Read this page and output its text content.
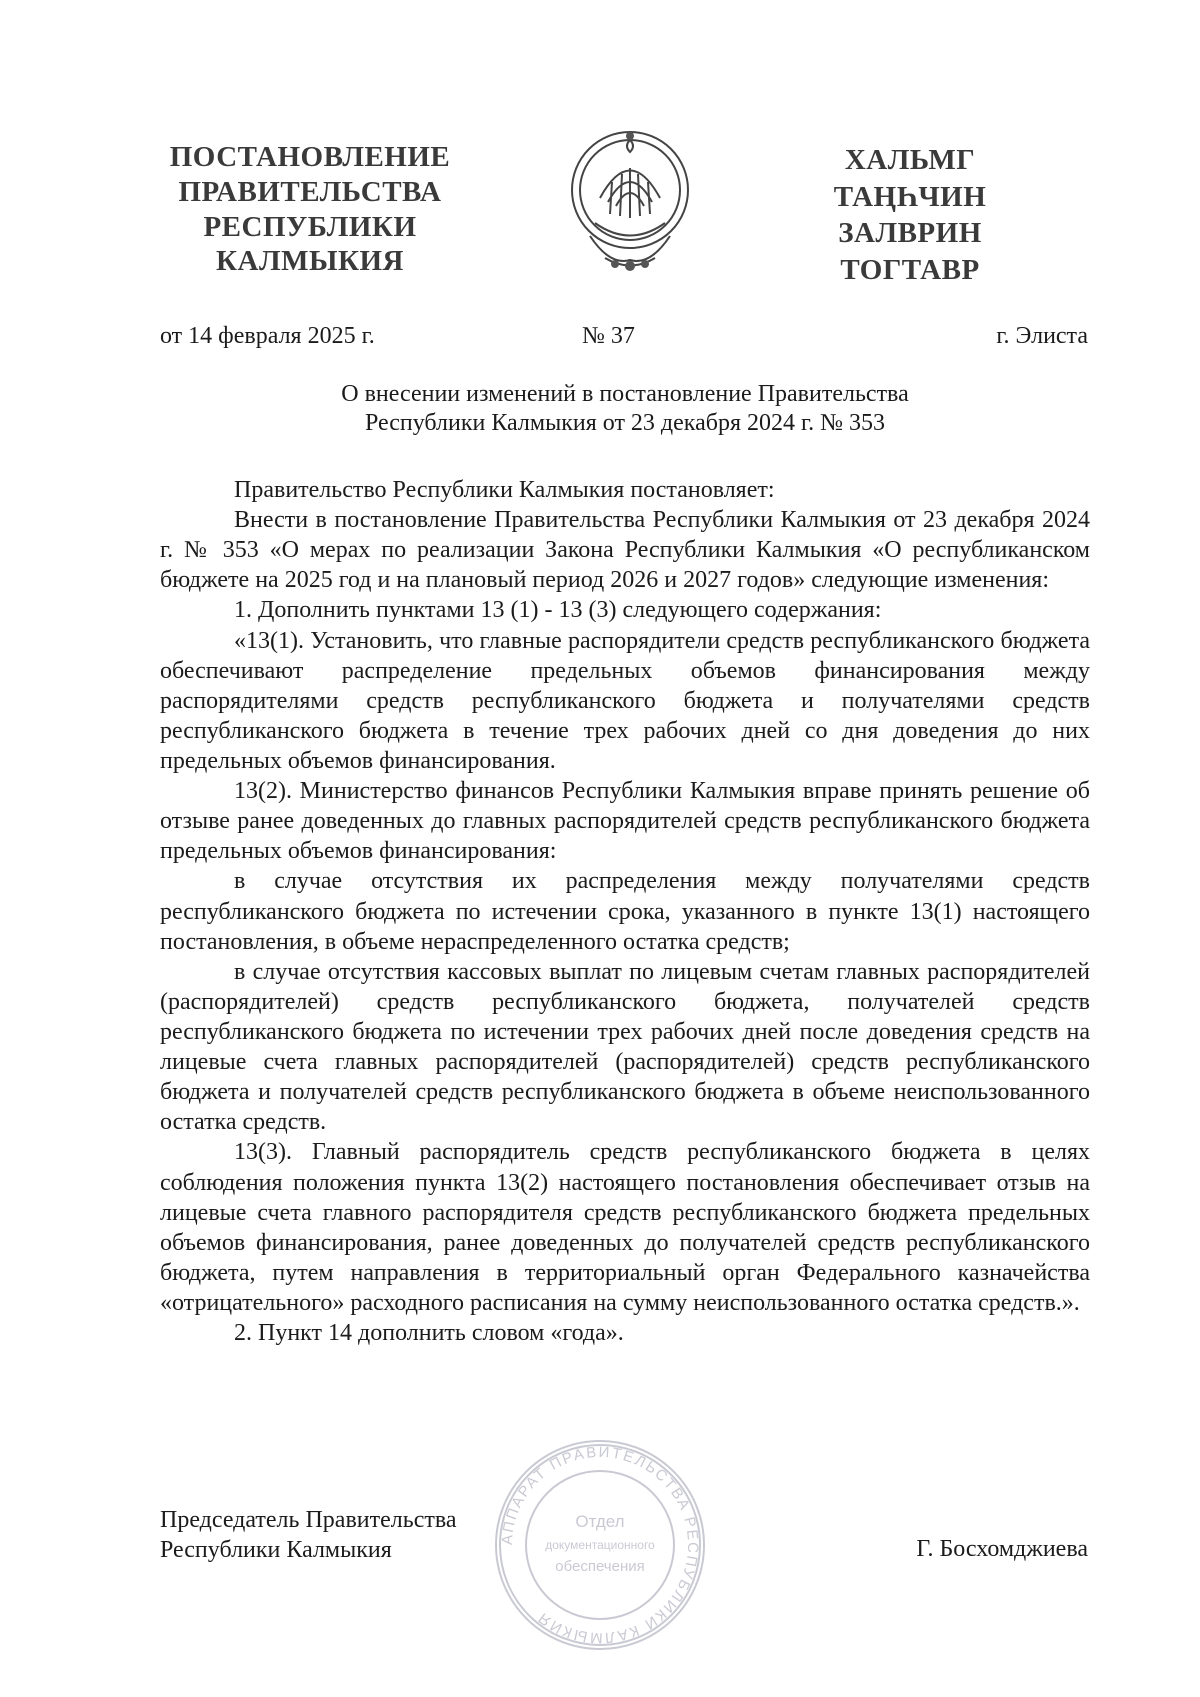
ПОСТАНОВЛЕНИЕ
ПРАВИТЕЛЬСТВА
РЕСПУБЛИКИ
КАЛМЫКИЯ
ХАЛЬМГ
ТАҢҺЧИН
ЗАЛВРИН
ТОГТАВР
от 14 февраля 2025 г.	№ 37	г. Элиста
О внесении изменений в постановление Правительства
Республики Калмыкия от 23 декабря 2024 г. № 353

Правительство Республики Калмыкия постановляет:

Внести в постановление Правительства Республики Калмыкия от 23 декабря 2024 г. № 353 «О мерах по реализации Закона Республики Калмыкия «О республиканском бюджете на 2025 год и на плановый период 2026 и 2027 годов» следующие изменения:

1. Дополнить пунктами 13 (1) - 13 (3) следующего содержания:

«13(1). Установить, что главные распорядители средств республиканского бюджета обеспечивают распределение предельных объемов финансирования между распорядителями средств республиканского бюджета и получателями средств республиканского бюджета в течение трех рабочих дней со дня доведения до них предельных объемов финансирования.

13(2). Министерство финансов Республики Калмыкия вправе принять решение об отзыве ранее доведенных до главных распорядителей средств республиканского бюджета предельных объемов финансирования:

в случае отсутствия их распределения между получателями средств республиканского бюджета по истечении срока, указанного в пункте 13(1) настоящего постановления, в объеме нераспределенного остатка средств;

в случае отсутствия кассовых выплат по лицевым счетам главных распорядителей (распорядителей) средств республиканского бюджета, получателей средств республиканского бюджета по истечении трех рабочих дней после доведения средств на лицевые счета главных распорядителей (распорядителей) средств республиканского бюджета и получателей средств республиканского бюджета в объеме неиспользованного остатка средств.

13(3). Главный распорядитель средств республиканского бюджета в целях соблюдения положения пункта 13(2) настоящего постановления обеспечивает отзыв на лицевые счета главного распорядителя средств республиканского бюджета предельных объемов финансирования, ранее доведенных до получателей средств республиканского бюджета, путем направления в территориальный орган Федерального казначейства «отрицательного» расходного расписания на сумму неиспользованного остатка средств.».

2. Пункт 14 дополнить словом «года».

АППАРАТ ПРАВИТЕЛЬСТВА РЕСПУБЛИКИ КАЛМЫКИЯ
Отдел
документационного
обеспечения
Председатель Правительства
Республики Калмыкия	Г. Босхомджиева
